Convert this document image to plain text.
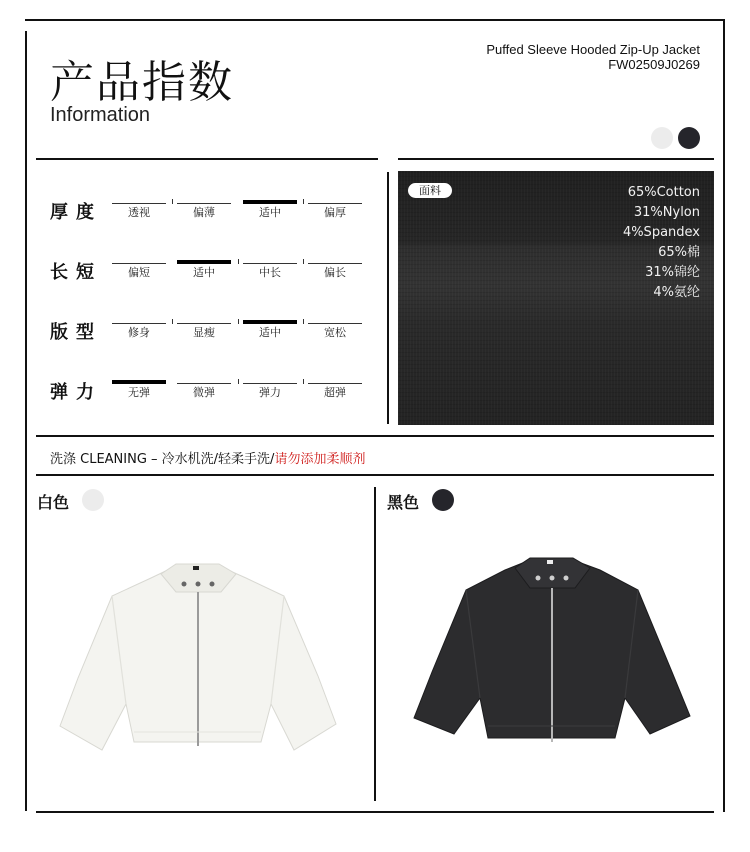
产品指数
Information
Puffed Sleeve Hooded Zip-Up Jacket
FW02509J0269
厚度	透视	偏薄	适中	偏厚
长短	偏短	适中	中长	偏长
版型	修身	显瘦	适中	宽松
弹力	无弹	微弹	弹力	超弹
面料	65%Cotton
31%Nylon
4%Spandex
65%棉
31%锦纶
4%氨纶
洗涤 CLEANING – 冷水机洗/轻柔手洗/请勿添加柔顺剂
白色	黑色
